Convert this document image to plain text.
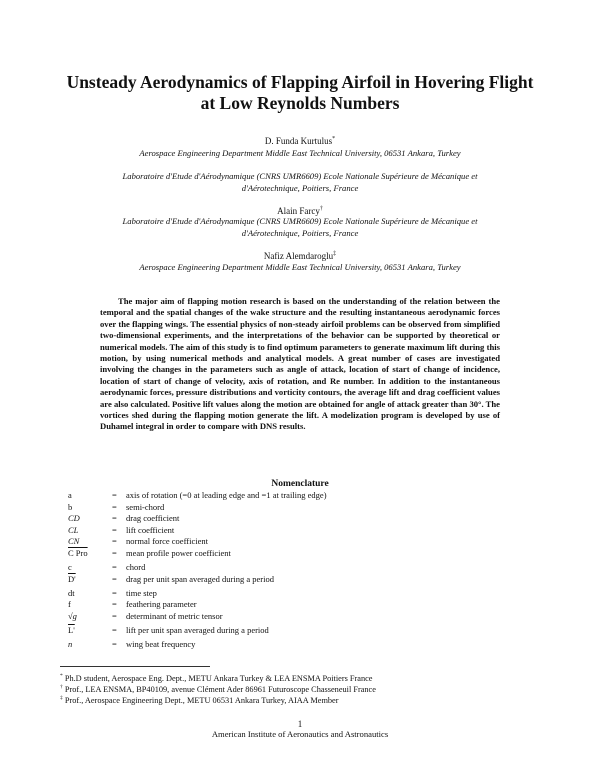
Unsteady Aerodynamics of Flapping Airfoil in Hovering Flight at Low Reynolds Numbers
D. Funda Kurtulus*
Aerospace Engineering Department Middle East Technical University, 06531 Ankara, Turkey
Laboratoire d'Etude d'Aérodynamique (CNRS UMR6609) Ecole Nationale Supérieure de Mécanique et d'Aérotechnique, Poitiers, France
Alain Farcy†
Laboratoire d'Etude d'Aérodynamique (CNRS UMR6609) Ecole Nationale Supérieure de Mécanique et d'Aérotechnique, Poitiers, France
Nafiz Alemdaroglu‡
Aerospace Engineering Department Middle East Technical University, 06531 Ankara, Turkey
The major aim of flapping motion research is based on the understanding of the relation between the temporal and the spatial changes of the wake structure and the resulting instantaneous aerodynamic forces over the flapping wings. The essential physics of non-steady airfoil problems can be observed from simplified two-dimensional experiments, and the interpretations of the behavior can be supported by theoretical or numerical models. The aim of this study is to find optimum parameters to generate maximum lift during this motion, by using numerical methods and analytical models. A great number of cases are investigated involving the changes in the parameters such as angle of attack, location of start of change of incidence, location of start of change of velocity, axis of rotation, and Re number. In addition to the instantaneous aerodynamic forces, pressure distributions and vorticity contours, the average lift and drag coefficient values are also calculated. Positive lift values along the motion are obtained for angle of attack greater than 30°. The vortices shed during the flapping motion generate the lift. A modelization program is developed by use of Duhamel integral in order to compare with DNS results.
Nomenclature
a	= axis of rotation (=0 at leading edge and =1 at trailing edge)
b	= semi-chord
CD	= drag coefficient
CL	= lift coefficient
CN	= normal force coefficient
C Pro	= mean profile power coefficient
c	= chord
D'	= drag per unit span averaged during a period
dt	= time step
f	= feathering parameter
√g	= determinant of metric tensor
L'	= lift per unit span averaged during a period
n	= wing beat frequency
* Ph.D student, Aerospace Eng. Dept., METU Ankara Turkey & LEA ENSMA Poitiers France
† Prof., LEA ENSMA, BP40109, avenue Clément Ader 86961 Futuroscope Chasseneuil France
‡ Prof., Aerospace Engineering Dept., METU 06531 Ankara Turkey, AIAA Member
1
American Institute of Aeronautics and Astronautics
